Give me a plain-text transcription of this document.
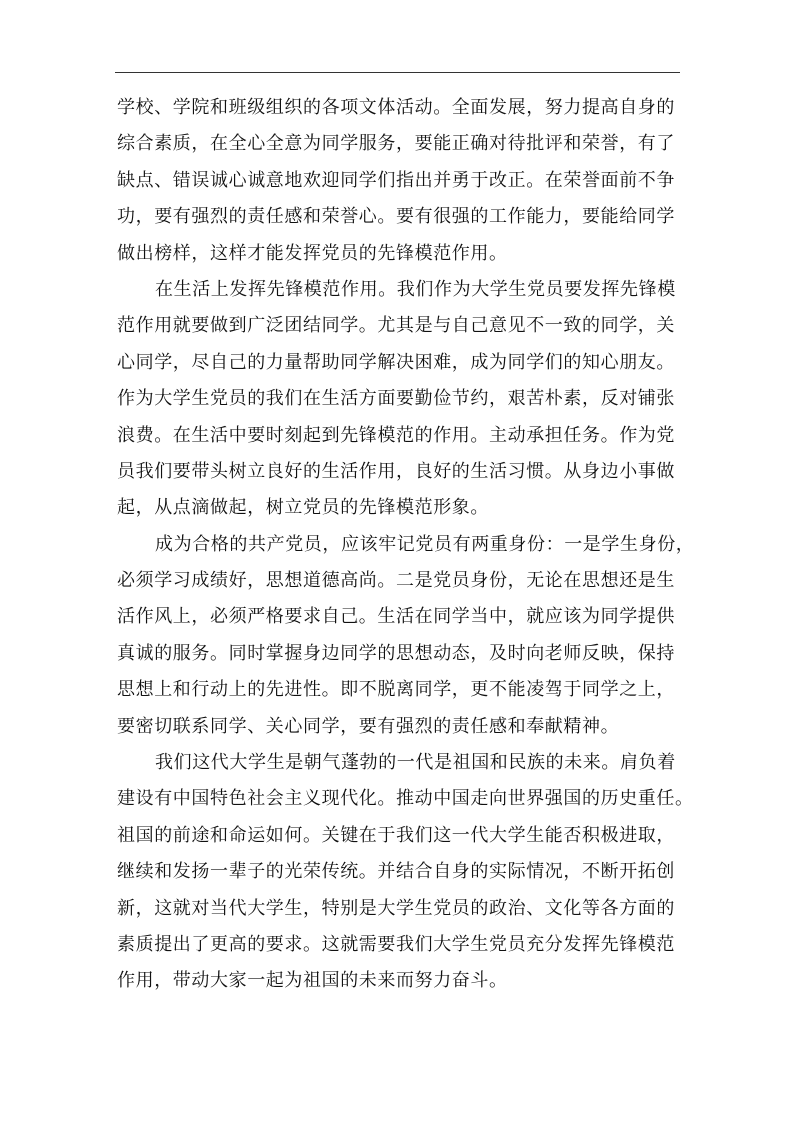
学校、学院和班级组织的各项文体活动。全面发展，努力提高自身的
综合素质，在全心全意为同学服务，要能正确对待批评和荣誉，有了
缺点、错误诚心诚意地欢迎同学们指出并勇于改正。在荣誉面前不争
功，要有强烈的责任感和荣誉心。要有很强的工作能力，要能给同学
做出榜样，这样才能发挥党员的先锋模范作用。
在生活上发挥先锋模范作用。我们作为大学生党员要发挥先锋模
范作用就要做到广泛团结同学。尤其是与自己意见不一致的同学，关
心同学，尽自己的力量帮助同学解决困难，成为同学们的知心朋友。
作为大学生党员的我们在生活方面要勤俭节约，艰苦朴素，反对铺张
浪费。在生活中要时刻起到先锋模范的作用。主动承担任务。作为党
员我们要带头树立良好的生活作用，良好的生活习惯。从身边小事做
起，从点滴做起，树立党员的先锋模范形象。
成为合格的共产党员，应该牢记党员有两重身份：一是学生身份，
必须学习成绩好，思想道德高尚。二是党员身份，无论在思想还是生
活作风上，必须严格要求自己。生活在同学当中，就应该为同学提供
真诚的服务。同时掌握身边同学的思想动态，及时向老师反映，保持
思想上和行动上的先进性。即不脱离同学，更不能凌驾于同学之上，
要密切联系同学、关心同学，要有强烈的责任感和奉献精神。
我们这代大学生是朝气蓬勃的一代是祖国和民族的未来。肩负着
建设有中国特色社会主义现代化。推动中国走向世界强国的历史重任。
祖国的前途和命运如何。关键在于我们这一代大学生能否积极进取，
继续和发扬一辈子的光荣传统。并结合自身的实际情况，不断开拓创
新，这就对当代大学生，特别是大学生党员的政治、文化等各方面的
素质提出了更高的要求。这就需要我们大学生党员充分发挥先锋模范
作用，带动大家一起为祖国的未来而努力奋斗。
